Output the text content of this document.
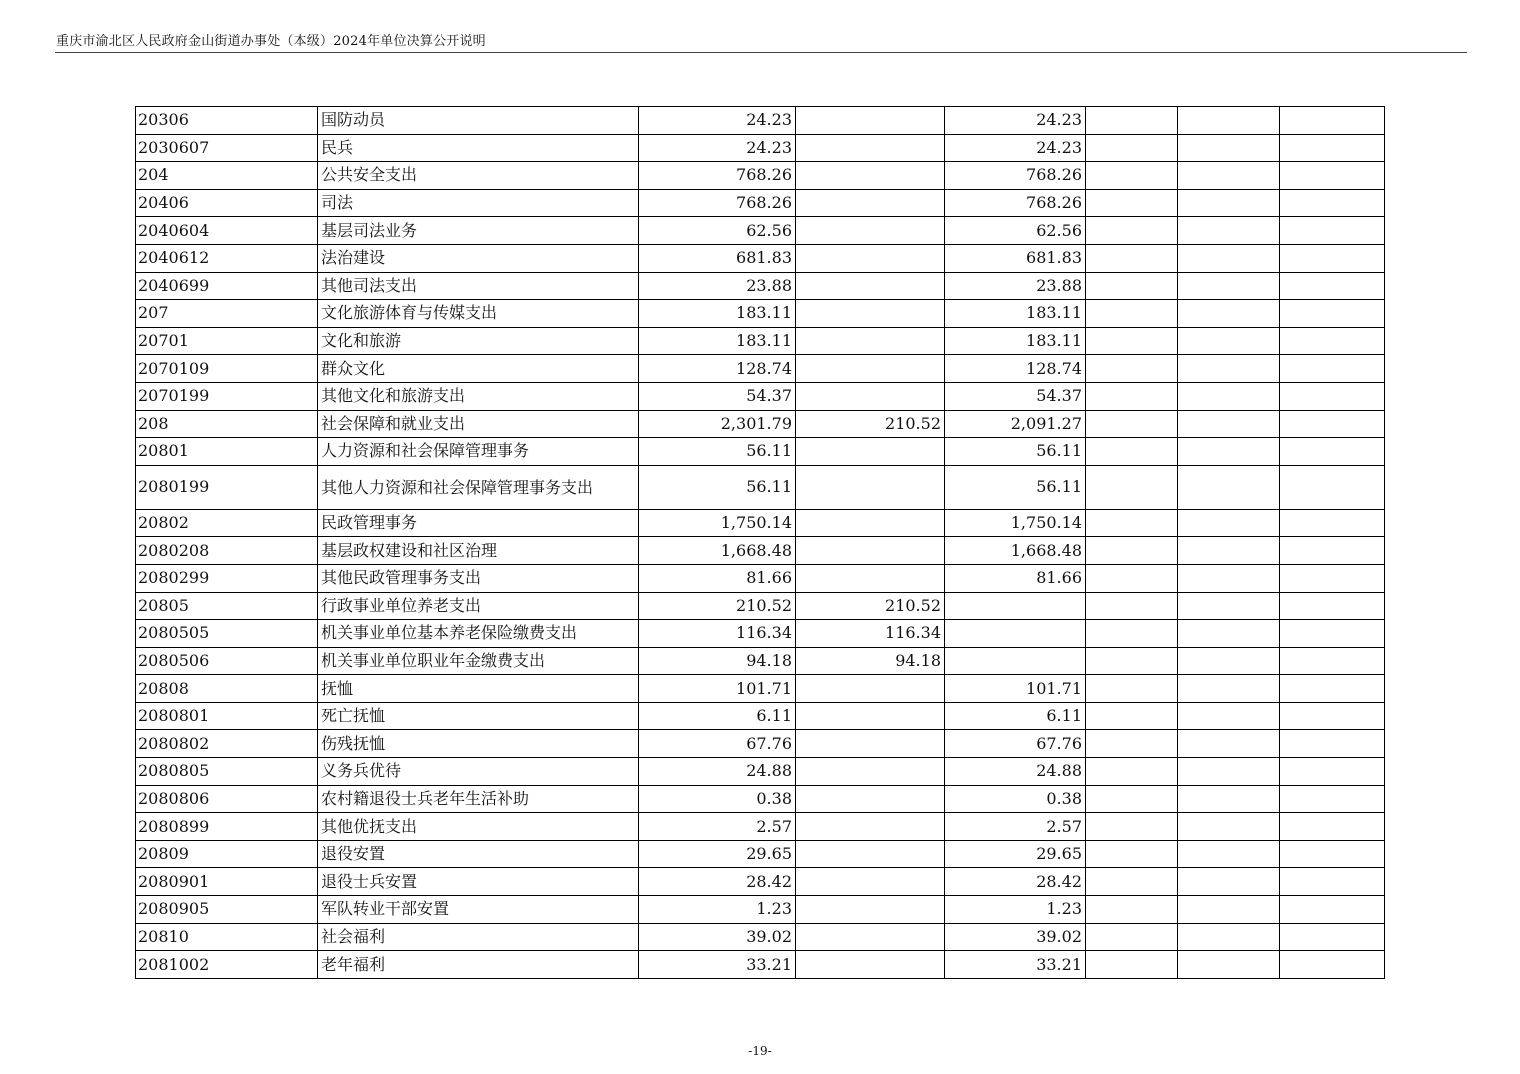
重庆市渝北区人民政府金山街道办事处（本级）2024年单位决算公开说明
20306	国防动员	24.23		24.23			
2030607	民兵	24.23		24.23			
204	公共安全支出	768.26		768.26			
20406	司法	768.26		768.26			
2040604	基层司法业务	62.56		62.56			
2040612	法治建设	681.83		681.83			
2040699	其他司法支出	23.88		23.88			
207	文化旅游体育与传媒支出	183.11		183.11			
20701	文化和旅游	183.11		183.11			
2070109	群众文化	128.74		128.74			
2070199	其他文化和旅游支出	54.37		54.37			
208	社会保障和就业支出	2,301.79	210.52	2,091.27			
20801	人力资源和社会保障管理事务	56.11		56.11			
2080199	其他人力资源和社会保障管理事务支出	56.11		56.11			
20802	民政管理事务	1,750.14		1,750.14			
2080208	基层政权建设和社区治理	1,668.48		1,668.48			
2080299	其他民政管理事务支出	81.66		81.66			
20805	行政事业单位养老支出	210.52	210.52				
2080505	机关事业单位基本养老保险缴费支出	116.34	116.34				
2080506	机关事业单位职业年金缴费支出	94.18	94.18				
20808	抚恤	101.71		101.71			
2080801	死亡抚恤	6.11		6.11			
2080802	伤残抚恤	67.76		67.76			
2080805	义务兵优待	24.88		24.88			
2080806	农村籍退役士兵老年生活补助	0.38		0.38			
2080899	其他优抚支出	2.57		2.57			
20809	退役安置	29.65		29.65			
2080901	退役士兵安置	28.42		28.42			
2080905	军队转业干部安置	1.23		1.23			
20810	社会福利	39.02		39.02			
2081002	老年福利	33.21		33.21			
-19-
